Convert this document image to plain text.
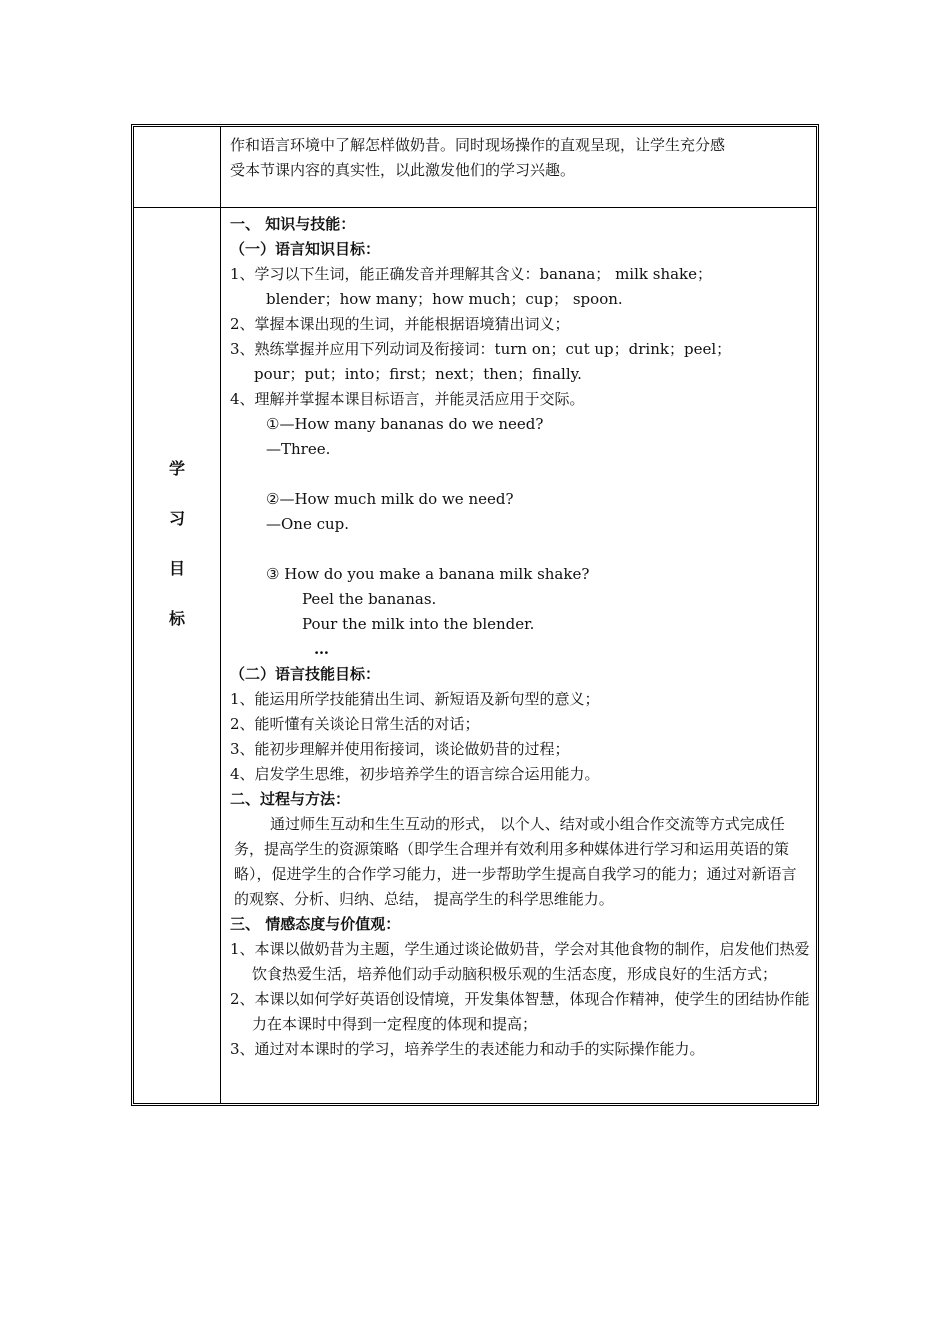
作和语言环境中了解怎样做奶昔。同时现场操作的直观呈现，让学生充分感
受本节课内容的真实性，以此激发他们的学习兴趣。
学
习
目
标
一、 知识与技能：
（一）语言知识目标：
1、学习以下生词，能正确发音并理解其含义：banana； milk shake；
blender；how many；how much；cup； spoon.
2、掌握本课出现的生词，并能根据语境猜出词义；
3、熟练掌握并应用下列动词及衔接词：turn on；cut up；drink；peel；
pour；put；into；first；next；then；finally.
4、理解并掌握本课目标语言，并能灵活应用于交际。
①—How many bananas do we need?
—Three.
②—How much milk do we need?
—One cup.
③ How do you make a banana milk shake?
Peel the bananas.
Pour the milk into the blender.
…
（二）语言技能目标：
1、能运用所学技能猜出生词、新短语及新句型的意义；
2、能听懂有关谈论日常生活的对话；
3、能初步理解并使用衔接词，谈论做奶昔的过程；
4、启发学生思维，初步培养学生的语言综合运用能力。
二、过程与方法：
通过师生互动和生生互动的形式， 以个人、结对或小组合作交流等方式完成任务，提高学生的资源策略（即学生合理并有效利用多种媒体进行学习和运用英语的策略），促进学生的合作学习能力，进一步帮助学生提高自我学习的能力；通过对新语言的观察、分析、归纳、总结， 提高学生的科学思维能力。
三、 情感态度与价值观：
1、本课以做奶昔为主题，学生通过谈论做奶昔，学会对其他食物的制作，启发他们热爱饮食热爱生活，培养他们动手动脑积极乐观的生活态度，形成良好的生活方式；
2、本课以如何学好英语创设情境，开发集体智慧，体现合作精神，使学生的团结协作能力在本课时中得到一定程度的体现和提高；
3、通过对本课时的学习，培养学生的表述能力和动手的实际操作能力。
